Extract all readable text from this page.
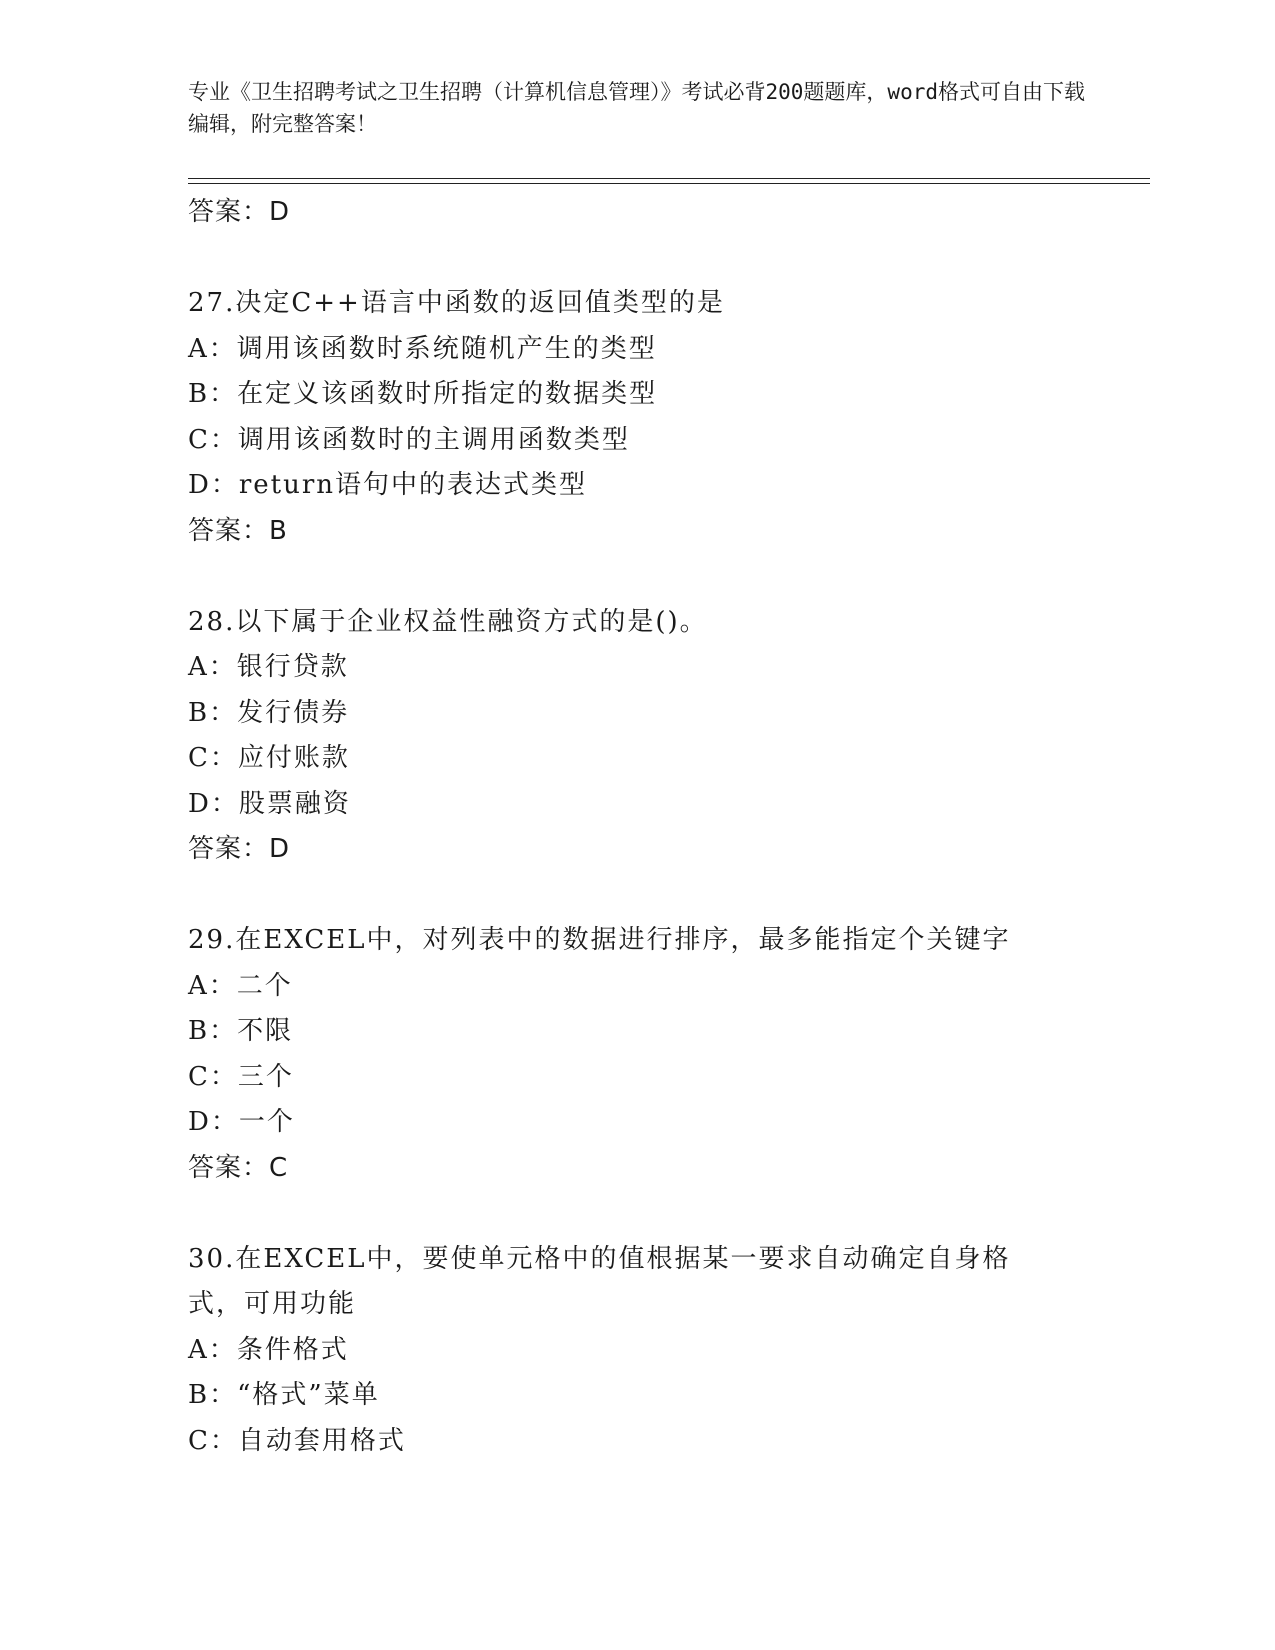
专业《卫生招聘考试之卫生招聘（计算机信息管理）》考试必背200题题库，word格式可自由下载编辑，附完整答案！
答案：D
27.决定C++语言中函数的返回值类型的是
A：调用该函数时系统随机产生的类型
B：在定义该函数时所指定的数据类型
C：调用该函数时的主调用函数类型
D：return语句中的表达式类型
答案：B
28.以下属于企业权益性融资方式的是()。
A：银行贷款
B：发行债券
C：应付账款
D：股票融资
答案：D
29.在EXCEL中，对列表中的数据进行排序，最多能指定个关键字
A：二个
B：不限
C：三个
D：一个
答案：C
30.在EXCEL中，要使单元格中的值根据某一要求自动确定自身格式，可用功能
A：条件格式
B：“格式”菜单
C：自动套用格式
